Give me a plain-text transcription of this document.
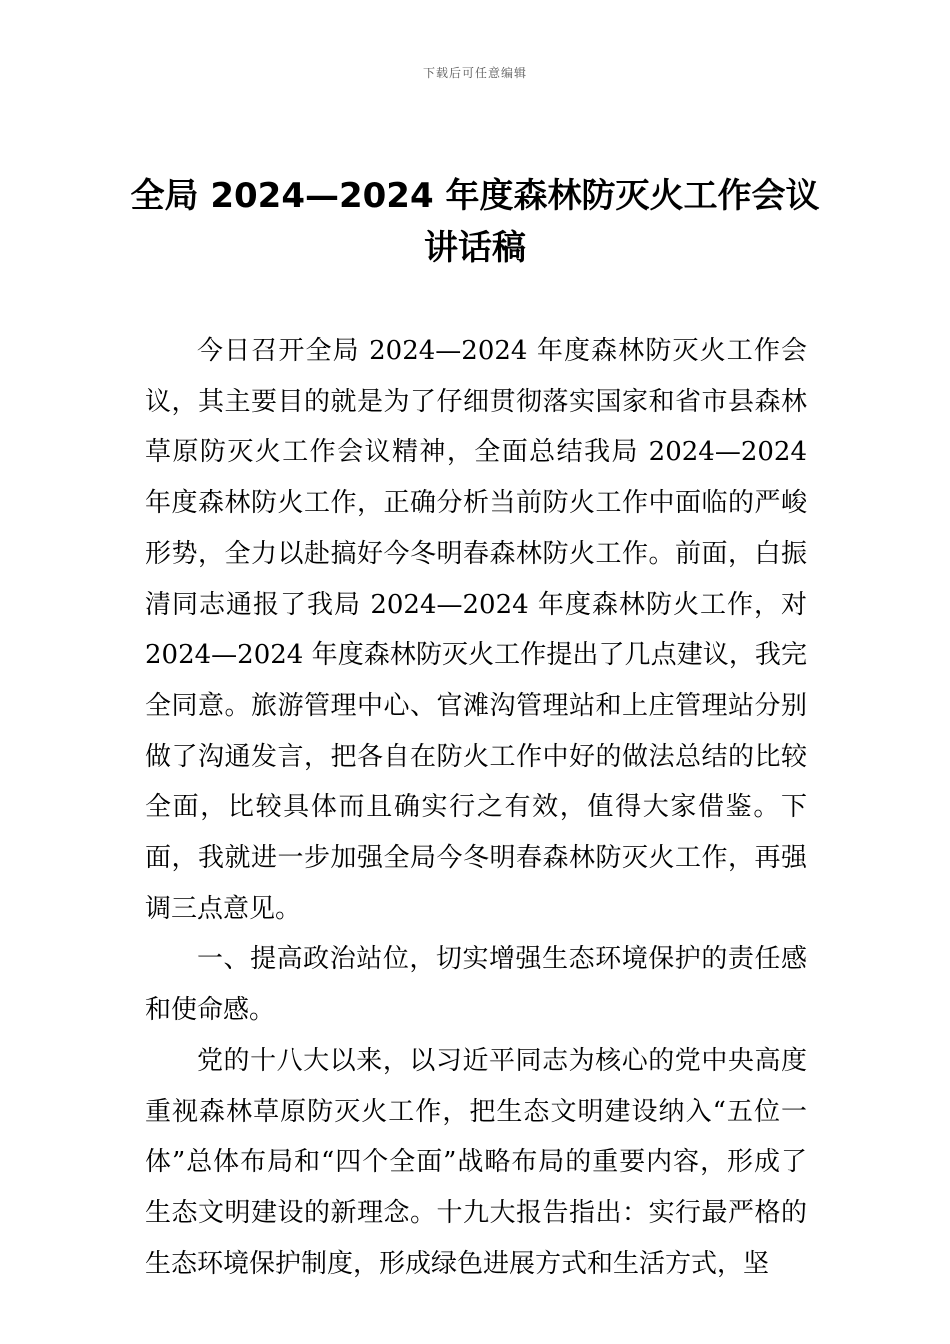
下载后可任意编辑
全局 2024—2024 年度森林防灭火工作会议
讲话稿

今日召开全局 2024—2024 年度森林防灭火工作会议，其主要目的就是为了仔细贯彻落实国家和省市县森林草原防灭火工作会议精神，全面总结我局 2024—2024 年度森林防火工作，正确分析当前防火工作中面临的严峻形势，全力以赴搞好今冬明春森林防火工作。前面，白振清同志通报了我局 2024—2024 年度森林防火工作，对 2024—2024 年度森林防灭火工作提出了几点建议，我完全同意。旅游管理中心、官滩沟管理站和上庄管理站分别做了沟通发言，把各自在防火工作中好的做法总结的比较全面，比较具体而且确实行之有效，值得大家借鉴。下面，我就进一步加强全局今冬明春森林防灭火工作，再强调三点意见。

一、提高政治站位，切实增强生态环境保护的责任感和使命感。

党的十八大以来，以习近平同志为核心的党中央高度重视森林草原防灭火工作，把生态文明建设纳入“五位一体”总体布局和“四个全面”战略布局的重要内容，形成了生态文明建设的新理念。十九大报告指出：实行最严格的生态环境保护制度，形成绿色进展方式和生活方式，坚
